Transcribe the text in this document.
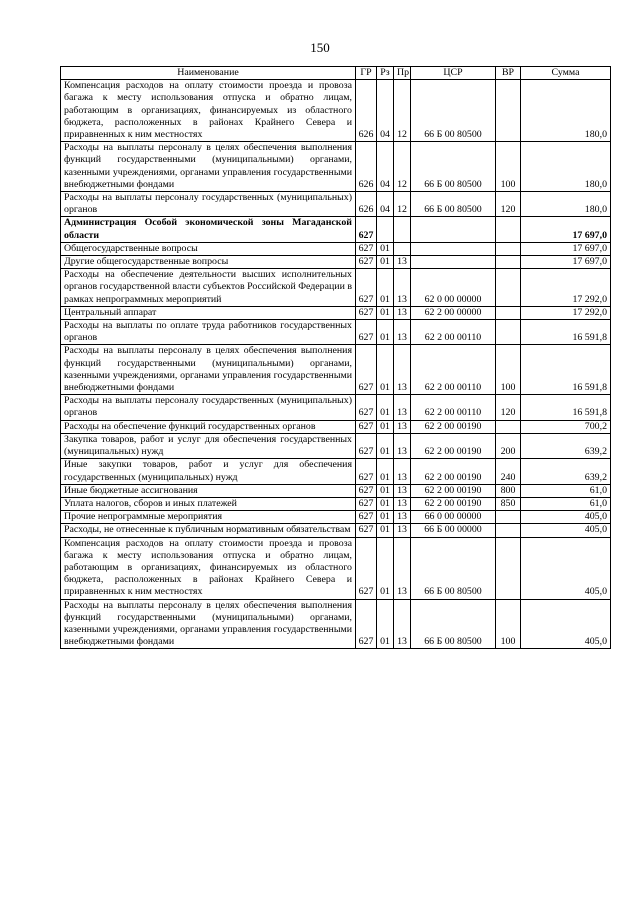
150
Наименование	ГР	Рз	Пр	ЦСР	ВР	Сумма
Компенсация расходов на оплату стоимости проезда и провоза багажа к месту использования отпуска и обратно лицам, работающим в организациях, финансируемых из областного бюджета, расположенных в районах Крайнего Севера и приравненных к ним местностях	626	04	12	66 Б 00 80500		180,0
Расходы на выплаты персоналу в целях обеспечения выполнения функций государственными (муниципальными) органами, казенными учреждениями, органами управления государственными внебюджетными фондами	626	04	12	66 Б 00 80500	100	180,0
Расходы на выплаты персоналу государственных (муниципальных) органов	626	04	12	66 Б 00 80500	120	180,0
Администрация Особой экономической зоны Магаданской области	627					17 697,0
Общегосударственные вопросы	627	01				17 697,0
Другие общегосударственные вопросы	627	01	13			17 697,0
Расходы на обеспечение деятельности высших исполнительных органов государственной власти субъектов Российской Федерации в рамках непрограммных мероприятий	627	01	13	62 0 00 00000		17 292,0
Центральный аппарат	627	01	13	62 2 00 00000		17 292,0
Расходы на выплаты по оплате труда работников государственных органов	627	01	13	62 2 00 00110		16 591,8
Расходы на выплаты персоналу в целях обеспечения выполнения функций государственными (муниципальными) органами, казенными учреждениями, органами управления государственными внебюджетными фондами	627	01	13	62 2 00 00110	100	16 591,8
Расходы на выплаты персоналу государственных (муниципальных) органов	627	01	13	62 2 00 00110	120	16 591,8
Расходы на обеспечение функций государственных органов	627	01	13	62 2 00 00190		700,2
Закупка товаров, работ и услуг для обеспечения государственных (муниципальных) нужд	627	01	13	62 2 00 00190	200	639,2
Иные закупки товаров, работ и услуг для обеспечения государственных (муниципальных) нужд	627	01	13	62 2 00 00190	240	639,2
Иные бюджетные ассигнования	627	01	13	62 2 00 00190	800	61,0
Уплата налогов, сборов и иных платежей	627	01	13	62 2 00 00190	850	61,0
Прочие непрограммные мероприятия	627	01	13	66 0 00 00000		405,0
Расходы, не отнесенные к публичным нормативным обязательствам	627	01	13	66 Б 00 00000		405,0
Компенсация расходов на оплату стоимости проезда и провоза багажа к месту использования отпуска и обратно лицам, работающим в организациях, финансируемых из областного бюджета, расположенных в районах Крайнего Севера и приравненных к ним местностях	627	01	13	66 Б 00 80500		405,0
Расходы на выплаты персоналу в целях обеспечения выполнения функций государственными (муниципальными) органами, казенными учреждениями, органами управления государственными внебюджетными фондами	627	01	13	66 Б 00 80500	100	405,0
